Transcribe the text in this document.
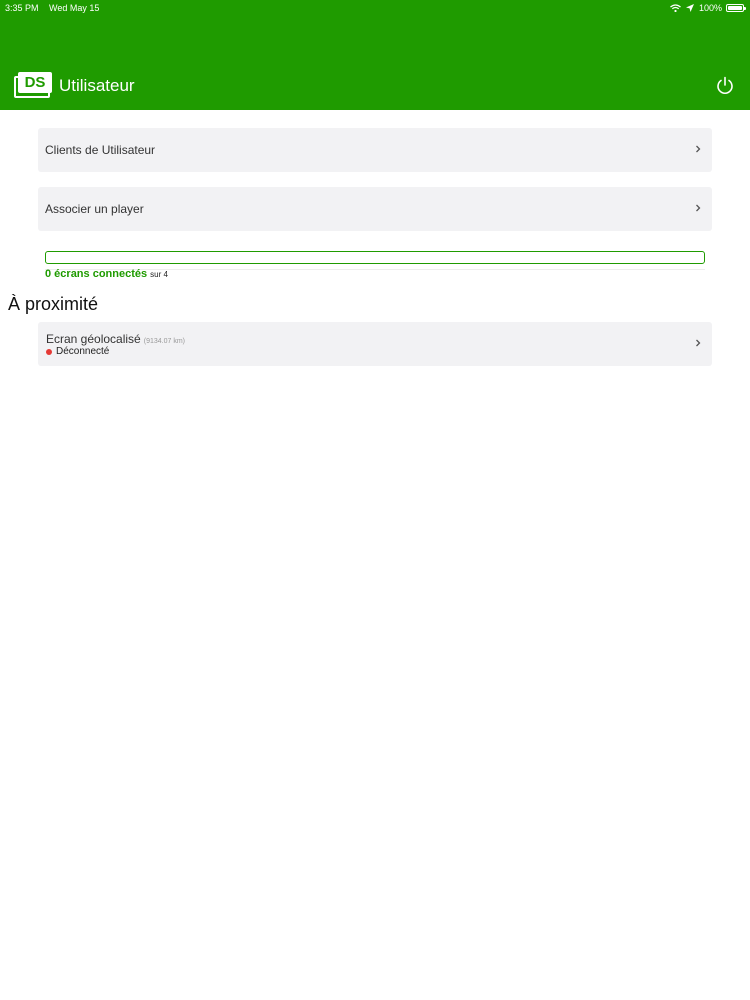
3:35 PM Wed May 15	100%
DS Utilisateur
Clients de Utilisateur
Associer un player
0 écrans connectés sur 4
À proximité
Ecran géolocalisé (9134.07 km)
Déconnecté
